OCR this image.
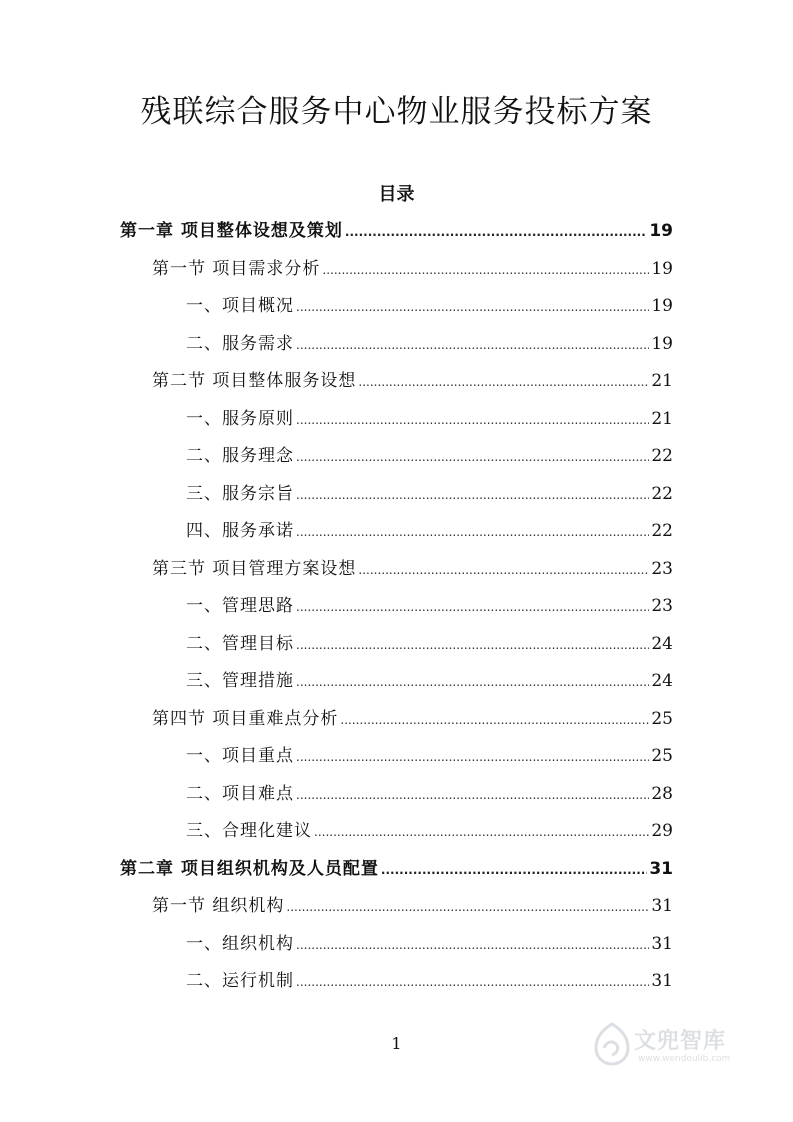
残联综合服务中心物业服务投标方案
目录
第一章 项目整体设想及策划 .....	19
第一节 项目需求分析 .....	19
一、项目概况 .....	19
二、服务需求 .....	19
第二节 项目整体服务设想 .....	21
一、服务原则 .....	21
二、服务理念 .....	22
三、服务宗旨 .....	22
四、服务承诺 .....	22
第三节 项目管理方案设想 .....	23
一、管理思路 .....	23
二、管理目标 .....	24
三、管理措施 .....	24
第四节 项目重难点分析 .....	25
一、项目重点 .....	25
二、项目难点 .....	28
三、合理化建议 .....	29
第二章 项目组织机构及人员配置 .....	31
第一节 组织机构 .....	31
一、组织机构 .....	31
二、运行机制 .....	31
1	文兜智库
www.wendoulib.com
